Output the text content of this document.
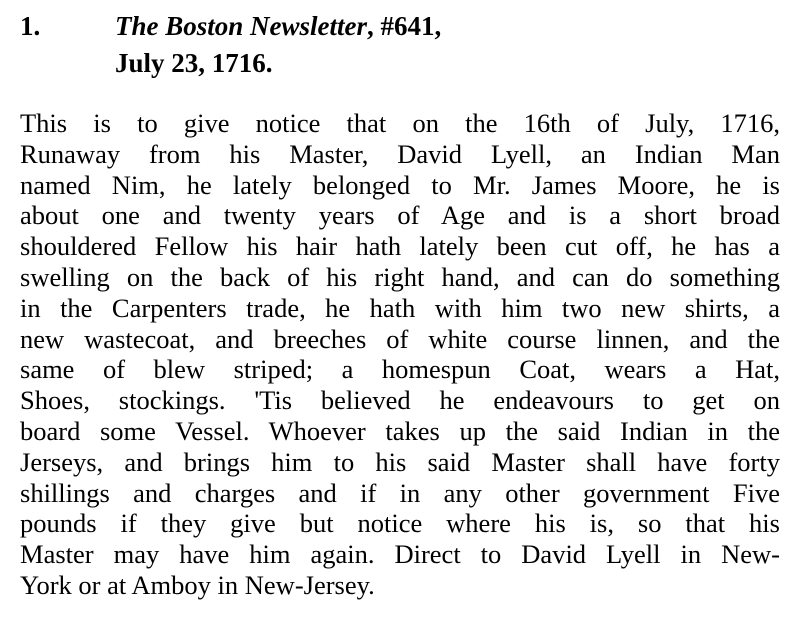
1.	The Boston Newsletter, #641,
July 23, 1716.
This is to give notice that on the 16th of July, 1716,
Runaway from his Master, David Lyell, an Indian Man
named Nim, he lately belonged to Mr. James Moore, he is
about one and twenty years of Age and is a short broad
shouldered Fellow his hair hath lately been cut off, he has a
swelling on the back of his right hand, and can do something
in the Carpenters trade, he hath with him two new shirts, a
new wastecoat, and breeches of white course linnen, and the
same of blew striped; a homespun Coat, wears a Hat,
Shoes, stockings. 'Tis believed he endeavours to get on
board some Vessel. Whoever takes up the said Indian in the
Jerseys, and brings him to his said Master shall have forty
shillings and charges and if in any other government Five
pounds if they give but notice where his is, so that his
Master may have him again. Direct to David Lyell in New-
York or at Amboy in New-Jersey.
